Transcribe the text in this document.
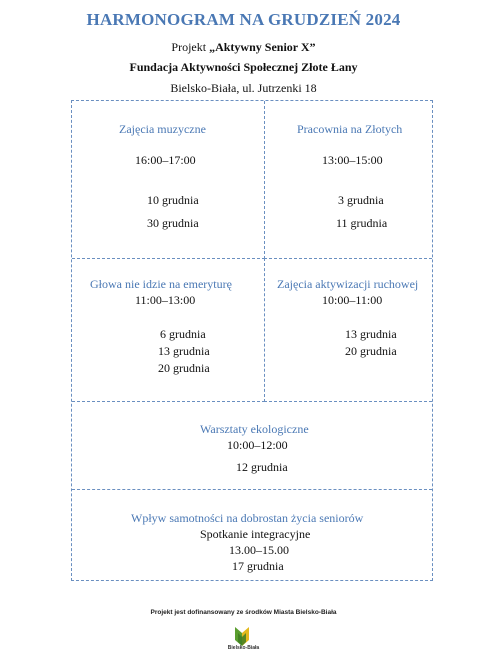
HARMONOGRAM NA GRUDZIEŃ 2024
Projekt „Aktywny Senior X”
Fundacja Aktywności Społecznej Złote Łany
Bielsko-Biała, ul. Jutrzenki 18
Zajęcia muzyczne
16:00–17:00
10 grudnia
30 grudnia
Pracownia na Złotych
13:00–15:00
3 grudnia
11 grudnia
Głowa nie idzie na emeryturę
11:00–13:00
6 grudnia
13 grudnia
20 grudnia
Zajęcia aktywizacji ruchowej
10:00–11:00
13 grudnia
20 grudnia
Warsztaty ekologiczne
10:00–12:00
12 grudnia
Wpływ samotności na dobrostan życia seniorów
Spotkanie integracyjne
13.00–15.00
17 grudnia
Projekt jest dofinansowany ze środków Miasta Bielsko-Biała
Bielsko-Biała
